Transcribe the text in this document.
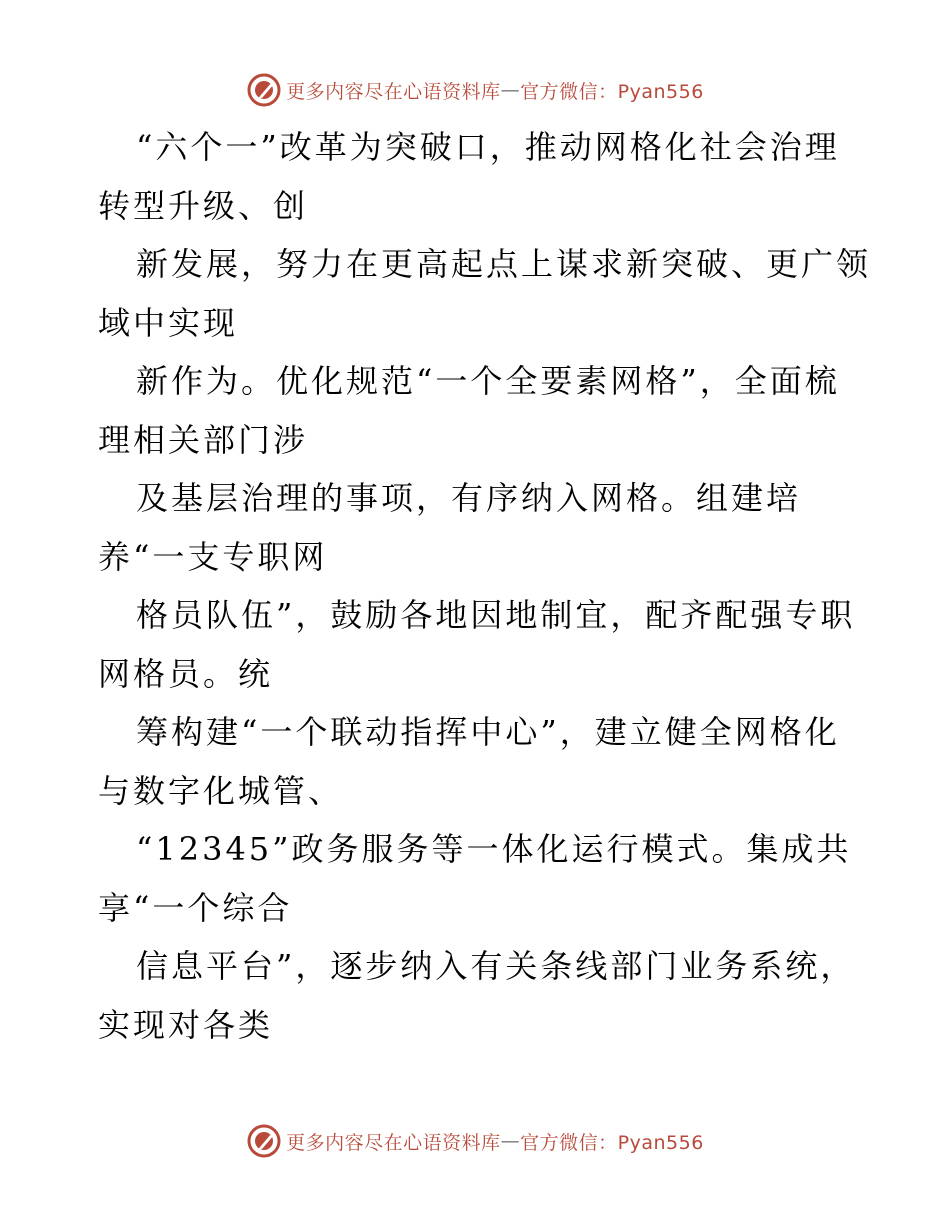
更多内容尽在心语资料库 — 官方微信：Pyan556
“六个一”改革为突破口，推动网格化社会治理
转型升级、创
新发展，努力在更高起点上谋求新突破、更广领
域中实现
新作为。优化规范“一个全要素网格”，全面梳
理相关部门涉
及基层治理的事项，有序纳入网格。组建培
养“一支专职网
格员队伍”，鼓励各地因地制宜，配齐配强专职
网格员。统
筹构建“一个联动指挥中心”，建立健全网格化
与数字化城管、
“12345”政务服务等一体化运行模式。集成共
享“一个综合
信息平台”，逐步纳入有关条线部门业务系统，
实现对各类
更多内容尽在心语资料库 — 官方微信：Pyan556
